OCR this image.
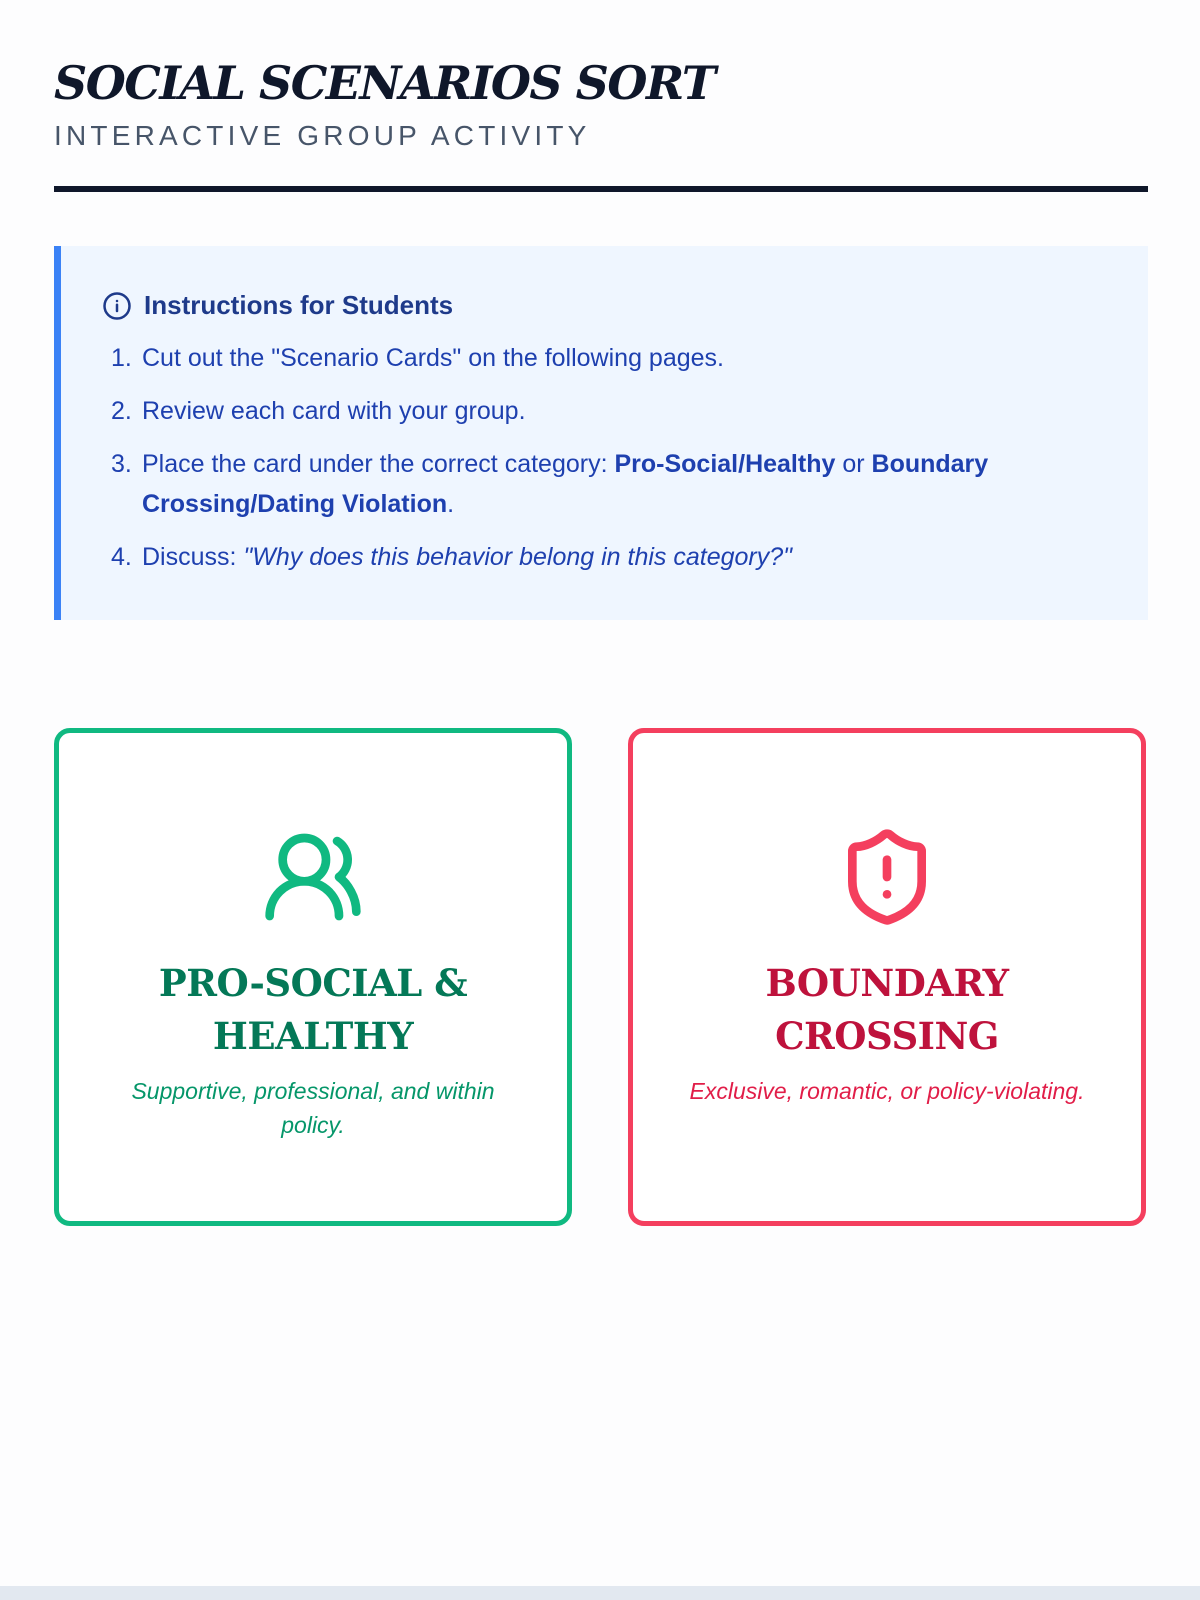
SOCIAL SCENARIOS SORT
INTERACTIVE GROUP ACTIVITY
Instructions for Students
1. Cut out the "Scenario Cards" on the following pages.
2. Review each card with your group.
3. Place the card under the correct category: Pro-Social/Healthy or Boundary Crossing/Dating Violation.
4. Discuss: "Why does this behavior belong in this category?"
PRO-SOCIAL & HEALTHY
Supportive, professional, and within policy.
BOUNDARY CROSSING
Exclusive, romantic, or policy-violating.
